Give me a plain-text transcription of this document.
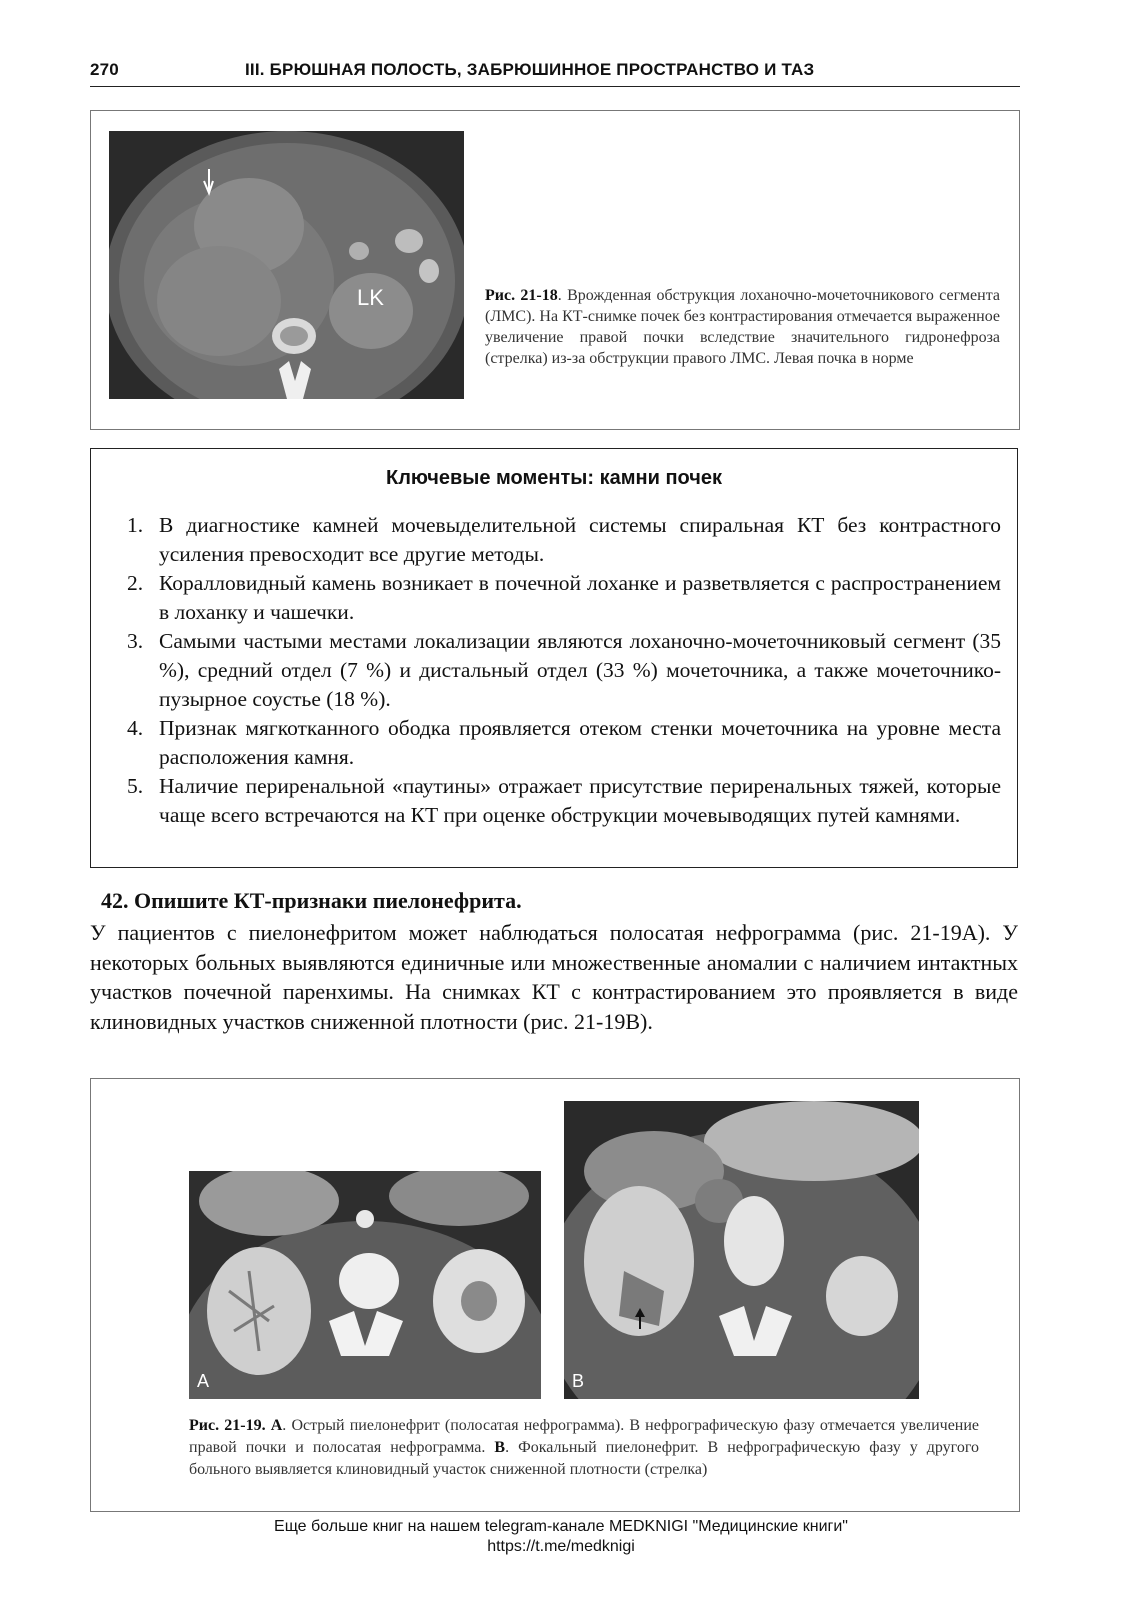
270	III. БРЮШНАЯ ПОЛОСТЬ, ЗАБРЮШИННОЕ ПРОСТРАНСТВО И ТАЗ
LK	Рис. 21-18. Врожденная обструкция лоханочно-мочеточникового сегмента (ЛМС). На КТ-снимке почек без контрастирования отмечается выраженное увеличение правой почки вследствие значительного гидронефроза (стрелка) из-за обструкции правого ЛМС. Левая почка в норме
Ключевые моменты: камни почек
1. В диагностике камней мочевыделительной системы спиральная КТ без контрастного усиления превосходит все другие методы.
2. Коралловидный камень возникает в почечной лоханке и разветвляется с распространением в лоханку и чашечки.
3. Самыми частыми местами локализации являются лоханочно-мочеточниковый сегмент (35 %), средний отдел (7 %) и дистальный отдел (33 %) мочеточника, а также мочеточнико-пузырное соустье (18 %).
4. Признак мягкотканного ободка проявляется отеком стенки мочеточника на уровне места расположения камня.
5. Наличие периренальной «паутины» отражает присутствие периренальных тяжей, которые чаще всего встречаются на КТ при оценке обструкции мочевыводящих путей камнями.
42. Опишите КТ-признаки пиелонефрита.
У пациентов с пиелонефритом может наблюдаться полосатая нефрограмма (рис. 21-19А). У некоторых больных выявляются единичные или множественные аномалии с наличием интактных участков почечной паренхимы. На снимках КТ с контрастированием это проявляется в виде клиновидных участков сниженной плотности (рис. 21-19В).
A	B
Рис. 21-19. А. Острый пиелонефрит (полосатая нефрограмма). В нефрографическую фазу отмечается увеличение правой почки и полосатая нефрограмма. В. Фокальный пиелонефрит. В нефрографическую фазу у другого больного выявляется клиновидный участок сниженной плотности (стрелка)
Еще больше книг на нашем telegram-канале MEDKNIGI "Медицинские книги"
https://t.me/medknigi
